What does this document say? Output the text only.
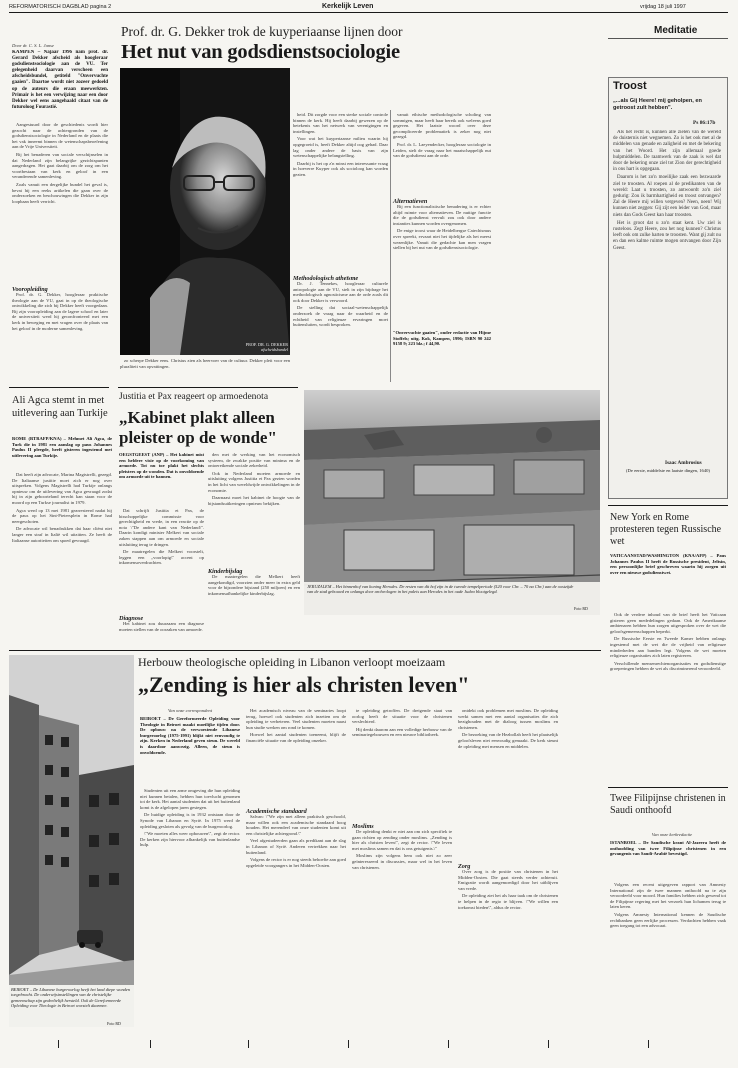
REFORMATORISCH DAGBLAD pagina 2	Kerkelijk Leven	vrijdag 18 juli 1997
Door dr. C. S. L. Janse
KAMPEN – Najaar 1996 nam prof. dr. Gerard Dekker afscheid als hoogleraar godsdienstsociologie aan de VU. Ter gelegenheid daarvan verscheen een afscheidsbundel, getiteld "Onvervuchte gaaien". Daartoe wordt niet zozeer gedoeld op de auteurs die eraan meewerkten. Primair is het een verwijzing naar een door Dekker wel eens aangehaald citaat van de futuroloog Fourastié.
Prof. dr. G. Dekker trok de kuyperiaanse lijnen door
Het nut van godsdienstsociologie

Aangestuurd door de geschiedenis wordt hier gezocht naar de achtergronden van de godsdienstsociologie in Nederland en de plaats die het vak inneemt binnen de wetenschapsbeoefening aan de Vrije Universiteit.

Bij het benaderen van sociale verschijnselen in dat Nederland zijn belangrijke gezichtspunten aangedragen. Het gaat daarbij om de zorg om het voortbestaan van kerk en geloof in een veranderende samenleving.

Zoals vanuit een dergelijke bundel het geval is, bevat hij een reeks artikelen die gaan over de onderzoeken en beschouwingen die Dekker in zijn loopbaan heeft verricht.

Vooropleiding

Prof. dr. G. Dekker, hoogleraar praktische theologie aan de VU, gaat in op de theologische ontwikkeling die zich bij Dekker heeft voorgedaan. Bij zijn vooropleiding aan de lagere school en later de universiteit werd hij geconfronteerd met een kerk in beweging en met vragen over de plaats van het geloof in de moderne samenleving.

PROF. DR. G. DEKKER
afscheidsbundel

zo scherpe Dekker eens. Christus zien als heervoer van de cultuur. Dekker pleit voor een pluraliteit van opvattingen.

heid. Dit zorgde voor een sterke sociale controle binnen de kerk. Hij heeft daarbij gewezen op de betekenis van het netwerk van verenigingen en instellingen.

Voor wat het kuyperiaanse milieu waarin hij opgegroeid is, heeft Dekker altijd oog gehad. Daar lag onder andere de basis van zijn wetenschappelijke belangstelling.

Daarbij is het op z'n minst een interessante vraag in hoeverre Kuyper ook als socioloog kan worden gezien.

Methodologisch atheïsme

Dr. J. Tennekes, hoogleraar culturele antropologie aan de VU, stelt in zijn bijdrage het methodologisch agnosticisme aan de orde zoals dit ook door Dekker is verwoord.

De stelling dat sociaal-wetenschappelijk onderzoek de vraag naar de waarheid en de echtheid van religieuze ervaringen moet buitensluiten, wordt besproken.

vanuit ethische methodologische scholing van sommigen, maar heeft haar bereik ook weleens goed gegeven. Het laatste woord over deze gecompliceerde problematiek is zeker nog niet gezegd.

Prof. dr. L. Laeyendecker, hoogleraar sociologie in Leiden, stelt de vraag naar het maatschappelijk nut van de godsdienst aan de orde.

Alternatieven

Bij een functionalistische benadering is er echter altijd ruimte voor alternatieven. De nuttige functie die de godsdienst vervult zou ook door andere instanties kunnen worden overgenomen.

De enige troost waar de Heidelbergse Catechismus over spreekt, ervaart niet het tijdelijke als het meest wezenlijke. Vanuit die gedachte kan men vragen stellen bij het nut van de godsdienstsociologie.

"Onvervuchte gaaien", onder redactie van Hijme Stoffels; uitg. Kok, Kampen, 1996; ISBN 90 242 9158 9; 223 blz.; f 44,90.
Meditatie
Troost
„...als Gij Heere! mij geholpen, en getroost zult hebben".
Ps 86:17b

Als het recht is, kunnen alle zielen van de wereld de duisternis niet wegnemen. Zo is het ook met al de middelen van genade en zaligheid en met de bekering van het Woord. Het zijn allemaal goede hulpmiddelen. De raamwerk van de zaak is wel dat door de bekering onze ziel tot Zion der gerechtigheid in ons hart is opgegaan.

Daarom is het zo'n moeilijke zaak een bezwaarde ziel te troosten. Al roepen al de predikanten van de wereld: Laat u troosten, zo antwoordt zo'n ziel gedurig: Zou ik barmhartigheid en troost ontvangen? Zal de Heere mij willen vergeven? Neen, neen! Wij kunnen niet zeggen: Gij zijt een leider van God, maar niets dan Gods Geest kan haar troosten.

Het is groot dat u zo'n staat kent. Uw ziel is rusteloos. Zegt Heere, zou het nog kunnen? Christus leeft ook om zulke harten te troosten. Want gij zult nu en dan een kalme ruimte mogen ontvangen door Zijn Geest.

Isaac Ambrosius
(De eerste, middelste en laatste dingen, 1640)
Ali Agca stemt in met uitlevering aan Turkije
ROME (RTRAFP/KNA) – Mehmet Ali Agca, de Turk die in 1981 een aanslag op paus Johannes Paulus II pleegde, heeft gisteren ingestemd met uitlevering aan Turkije.

Dat heeft zijn advocate, Marina Magistrelli, gezegd. De Italiaanse justitie moet zich er nog over uitspreken. Volgens Magistrelli had Turkije onlangs opnieuw om de uitlevering van Agca gevraagd zodat hij in zijn geboorteland terecht kan staan voor de moord op een Turkse journalist in 1979.

Agca werd op 13 mei 1981 gearresteerd nadat hij de paus op het Sint-Pietersplein in Rome had neergeschoten.

De advocate wil benadrukken dat haar cliënt niet langer een straf in Italië wil uitzitten. Ze heeft de Italiaanse autoriteiten om spoed gevraagd.

Justitia et Pax reageert op armoedenota
„Kabinet plakt alleen pleister op de wonde"
OEGSTGEEST (ANP) – Het kabinet mist een heldere visie op de voorkoming van armoede. Tot nu toe plakt het slechts pleisters op de wonden. Dat is onvoldoende om armoede uit te bannen.

Dat schrijft Justitia et Pax, de bisschoppelijke commissie voor gerechtigheid en vrede, in een reactie op de nota \"De andere kant van Nederland\". Daarin kondigt minister Melkert van sociale zaken stappen aan om armoede en sociale uitsluiting terug te dringen.

De maatregelen die Melkert voorstelt, leggen een „voorlopig\" accent op inkomensoverdrachten.

Diagnose

Het kabinet zou duurzaam een diagnose moeten stellen van de oorzaken van armoede.

den met de werking van het economisch systeem, de zwakke positie van minima en de ontoereikende sociale zekerheid.

Ook in Nederland moeten armoede en uitsluiting volgens Justitia et Pax gezien worden in het licht van wereldwijde ontwikkelingen in de economie.

Daarnaast moet het kabinet de hoogte van de bijstandsuitkeringen opnieuw bekijken.

Kinderbijslag

De maatregelen die Melkert heeft aangekondigd, voorzien onder meer in extra geld voor de bijzondere bijstand (250 miljoen) en een inkomensafhankelijke kinderbijslag.

JERUZALEM – Het binnenhof van koning Herodes. De resten van dit hof zijn in de tweede tempelperiode (520 voor Chr. – 70 na Chr.) aan de oostzijde van de stad gebouwd en onlangs door archeologen in het paleis aan Herodes in het oude Judea blootgelegd.
Foto RD
New York en Rome protesteren tegen Russische wet
VATICAANSTAD/WASHINGTON (KNA/AFP) – Paus Johannes Paulus II heeft de Russische president, Jeltsin, een persoonlijke brief geschreven waarin hij zorgen uit over een nieuwe godsdienstwet.

Ook de verdere inhoud van de brief heeft het Vaticaan gisteren geen mededelingen gedaan. Ook de Amerikaanse ambtenaren hebben hun zorgen uitgesproken over de wet die geloofsgemeenschappen beperkt.

De Russische Eerste en Tweede Kamer hebben onlangs ingestemd met de wet die de vrijheid van religieuze minderheden aan banden legt. Volgens de wet moeten religieuze organisaties zich laten registreren.

Verschillende mensenrechtenorganisaties en godsdienstige groeperingen hebben de wet als discriminerend veroordeeld.

Twee Filipijnse christenen in Saudi onthoofd
Van onze kerkredactie
ISTANBOEL – De Saudische krant Al-Jazeera heeft de onthoofding van twee Filipijnse christenen in een gevangenis van Saudi-Arabië bevestigd.

Volgens een recent uitgegeven rapport van Amnesty International zijn de twee mannen onthoofd na te zijn veroordeeld voor moord. Hun families hebben zich gewend tot de Filipijnse regering met het verzoek hun lichamen terug te laten keren.

Volgens Amnesty International kennen de Saudische rechtbanken geen eerlijke processen. Verdachten hebben vaak geen toegang tot een advocaat.

Herbouw theologische opleiding in Libanon verloopt moeizaam
„Zending is hier als christen leven"
BEIROET – De Libanese burgeroorlog heeft het land diepe wonden toegebracht. De onderwijsinstellingen van de christelijke gemeenschap zijn gedeeltelijk hersteld. Ook de Gereformeerde Opleiding voor Theologie in Beiroet worstelt daarmee.
Foto RD
Van onze correspondent
BEIROET – De Gereformeerde Opleiding voor Theologie in Beiroet maakt moeilijke tijden door. De opbouw na de verwoestende Libanese burgeroorlog (1975-1991) blijkt niet eenvoudig te zijn. Kerken in Nederland geven steun. De wereld is daardoor aanwezig. Alleen, de steun is onvoldoende.

Studenten uit een arme omgeving die hun opleiding niet kunnen betalen, hebben hun toevlucht genomen tot de kerk. Het aantal studenten dat uit het buitenland komt is de afgelopen jaren gestegen.

De huidige opleiding is in 1932 ontstaan door de Synode van Libanon en Syrië. In 1975 werd de opleiding gesloten als gevolg van de burgeroorlog.

\"We moeten alles weer opbouwen\", zegt de rector. De kerken zijn hiervoor afhankelijk van buitenlandse hulp.

Het academisch niveau van de seminaries loopt terug, hoewel ook studenten zich inzetten om de opleiding te verbeteren. Veel studenten moeten naast hun studie werken om rond te komen.

Hoewel het aantal studenten toeneemt, blijft de financiële situatie van de opleiding onzeker.

Academische standaard

Salvan: \"We zijn met alleen praktisch geschoold, maar willen ook een academische standaard hoog houden. Het merendeel van onze studenten komt uit een christelijke achtergrond.\"

Veel afgestudeerden gaan als predikant aan de slag in Libanon of Syrië. Anderen vertrekken naar het buitenland.

Volgens de rector is er nog steeds behoefte aan goed opgeleide voorgangers in het Midden-Oosten.

te opleiding getroffen. De dreigende staat van oorlog heeft de situatie voor de christenen verslechterd.

Hij denkt daarom aan een volledige herbouw van de seminariegebouwen en een nieuwe bibliotheek.

Moslims

De opleiding denkt er niet aan om zich specifiek te gaan richten op zending onder moslims. „Zending is hier als christen leven\", zegt de rector. \"We leven met moslims samen en dat is ons getuigenis.\"

Moslims zijn volgens hem ook niet zo zeer geïnteresseerd in discussies, maar wel in het leven van christenen.

ontdekt ook problemen met moslims. De opleiding werkt samen met een aantal organisaties die zich bezighouden met de dialoog tussen moslims en christenen.

De bezoeking van de Hezbollah heeft het plaatselijk geloofsleven niet eenvoudig gemaakt. De kerk steunt de opleiding met mensen en middelen.

Zorg

Over zorg is de positie van christenen in het Midden-Oosten. Die gaat steeds verder achteruit. Emigratie wordt aangemoedigd door het uitblijven van vrede.

De opleiding ziet het als haar taak om de christenen te helpen in de regio te blijven. \"We willen een toekomst bieden\", aldus de rector.
